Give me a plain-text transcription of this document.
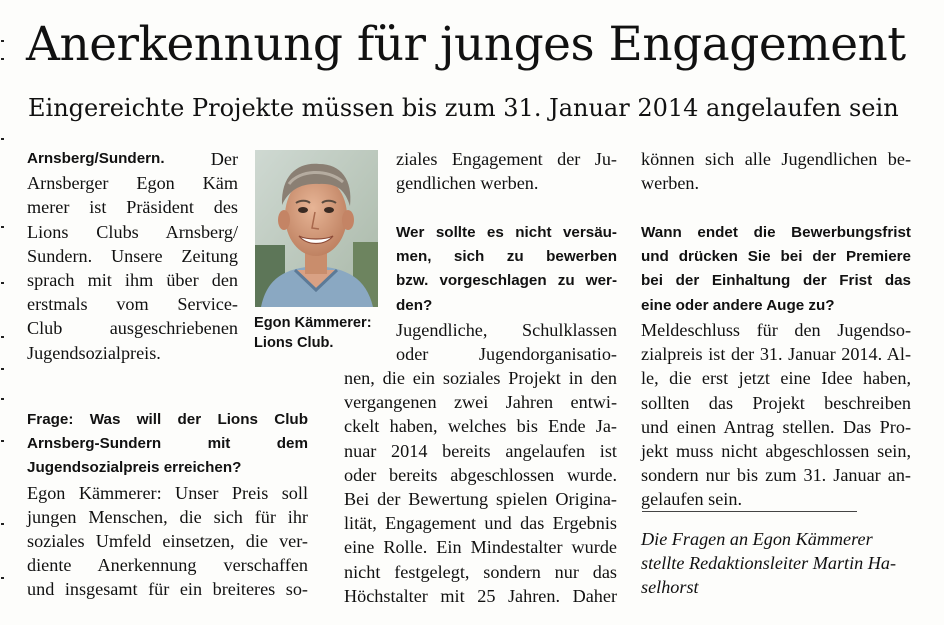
Anerkennung für junges Engagement
Eingereichte Projekte müssen bis zum 31. Januar 2014 angelaufen sein
Arnsberg/Sundern.	Der
Arnsberger Egon Käm
merer ist Präsident des
Lions Clubs Arnsberg/
Sundern. Unsere Zeitung
sprach mit ihm über den
erstmals vom Service-
Club ausgeschriebenen
Jugendsozialpreis.
Egon Kämmerer:
Lions Club.

Frage: Was will der Lions Club Arnsberg-Sundern mit dem Jugendsozialpreis erreichen?

Egon Kämmerer: Unser Preis soll
jungen Menschen, die sich für ihr
soziales Umfeld einsetzen, die ver-
diente Anerkennung verschaffen
und insgesamt für ein breiteres so-
ziales Engagement der Ju-
gendlichen werben.
Wer sollte es nicht versäu-
men, sich zu bewerben
bzw. vorgeschlagen zu wer-
den?
Jugendliche, Schulklassen
oder Jugendorganisatio-
nen, die ein soziales Projekt in den
vergangenen zwei Jahren entwi-
ckelt haben, welches bis Ende Ja-
nuar 2014 bereits angelaufen ist
oder bereits abgeschlossen wurde.
Bei der Bewertung spielen Origina-
lität, Engagement und das Ergebnis
eine Rolle. Ein Mindestalter wurde
nicht festgelegt, sondern nur das
Höchstalter mit 25 Jahren. Daher
können sich alle Jugendlichen be-
werben.
Wann endet die Bewerbungsfrist
und drücken Sie bei der Premiere
bei der Einhaltung der Frist das
eine oder andere Auge zu?
Meldeschluss für den Jugendso-
zialpreis ist der 31. Januar 2014. Al-
le, die erst jetzt eine Idee haben,
sollten das Projekt beschreiben
und einen Antrag stellen. Das Pro-
jekt muss nicht abgeschlossen sein,
sondern nur bis zum 31. Januar an-
gelaufen sein.
Die Fragen an Egon Kämmerer
stellte Redaktionsleiter Martin Ha-
selhorst
